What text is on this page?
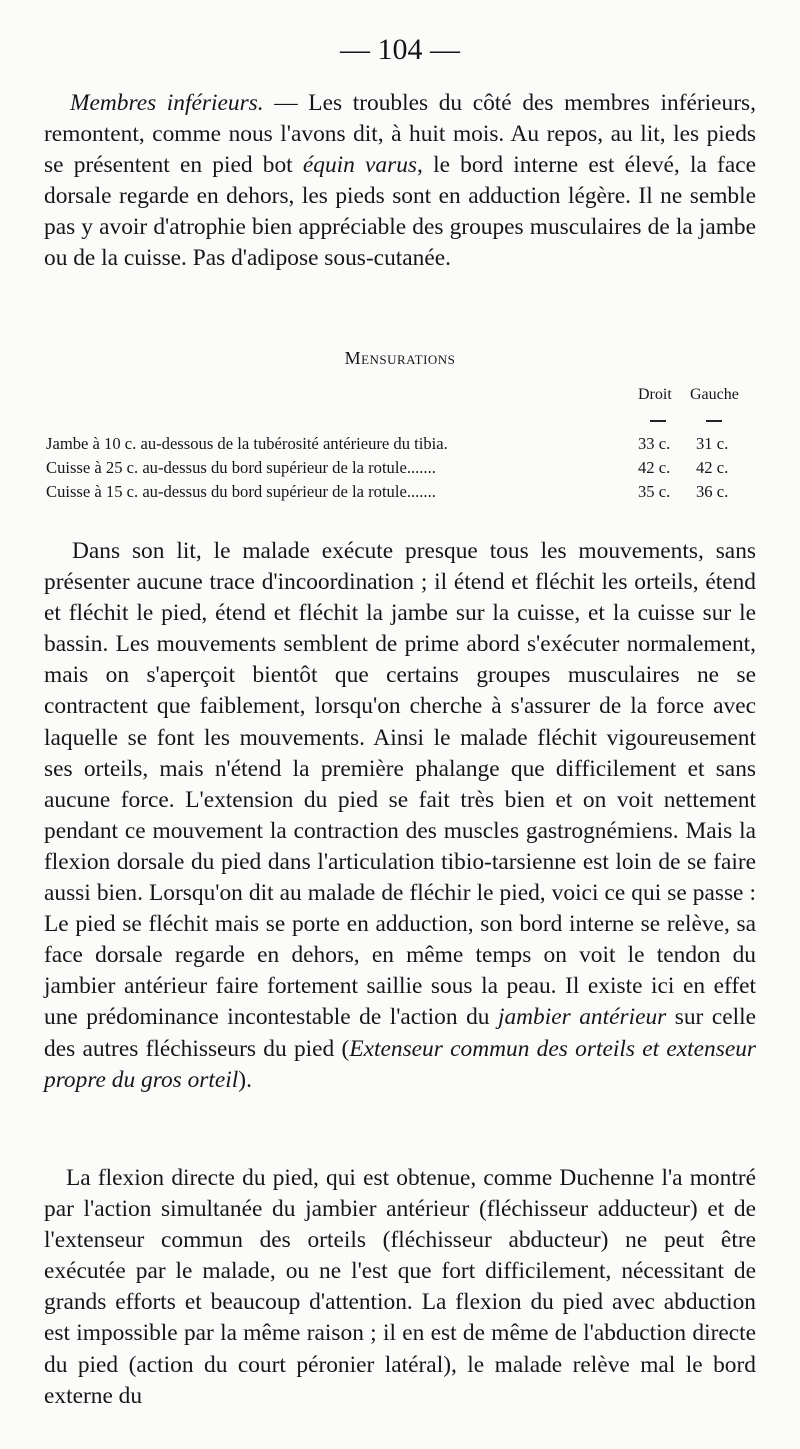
— 104 —

Membres inférieurs. — Les troubles du côté des membres inférieurs, remontent, comme nous l'avons dit, à huit mois. Au repos, au lit, les pieds se présentent en pied bot équin varus, le bord interne est élevé, la face dorsale regarde en dehors, les pieds sont en adduction légère. Il ne semble pas y avoir d'atrophie bien appréciable des groupes musculaires de la jambe ou de la cuisse. Pas d'adipose sous-cutanée.

Mensurations
Droit Gauche
Jambe à 10 c. au-dessous de la tubérosité antérieure du tibia.	33 c. 31 c.
Cuisse à 25 c. au-dessus du bord supérieur de la rotule.......	42 c. 42 c.
Cuisse à 15 c. au-dessus du bord supérieur de la rotule.......	35 c. 36 c.

Dans son lit, le malade exécute presque tous les mouvements, sans présenter aucune trace d'incoordination ; il étend et fléchit les orteils, étend et fléchit le pied, étend et fléchit la jambe sur la cuisse, et la cuisse sur le bassin. Les mouvements semblent de prime abord s'exécuter normalement, mais on s'aperçoit bientôt que certains groupes musculaires ne se contractent que faiblement, lorsqu'on cherche à s'assurer de la force avec laquelle se font les mouvements. Ainsi le malade fléchit vigoureusement ses orteils, mais n'étend la première phalange que difficilement et sans aucune force. L'extension du pied se fait très bien et on voit nettement pendant ce mouvement la contraction des muscles gastrognémiens. Mais la flexion dorsale du pied dans l'articulation tibio-tarsienne est loin de se faire aussi bien. Lorsqu'on dit au malade de fléchir le pied, voici ce qui se passe : Le pied se fléchit mais se porte en adduction, son bord interne se relève, sa face dorsale regarde en dehors, en même temps on voit le tendon du jambier antérieur faire fortement saillie sous la peau. Il existe ici en effet une prédominance incontestable de l'action du jambier antérieur sur celle des autres fléchisseurs du pied (Extenseur commun des orteils et extenseur propre du gros orteil).

La flexion directe du pied, qui est obtenue, comme Duchenne l'a montré par l'action simultanée du jambier antérieur (fléchisseur adducteur) et de l'extenseur commun des orteils (fléchisseur abducteur) ne peut être exécutée par le malade, ou ne l'est que fort difficilement, nécessitant de grands efforts et beaucoup d'attention. La flexion du pied avec abduction est impossible par la même raison ; il en est de même de l'abduction directe du pied (action du court péronier latéral), le malade relève mal le bord externe du
